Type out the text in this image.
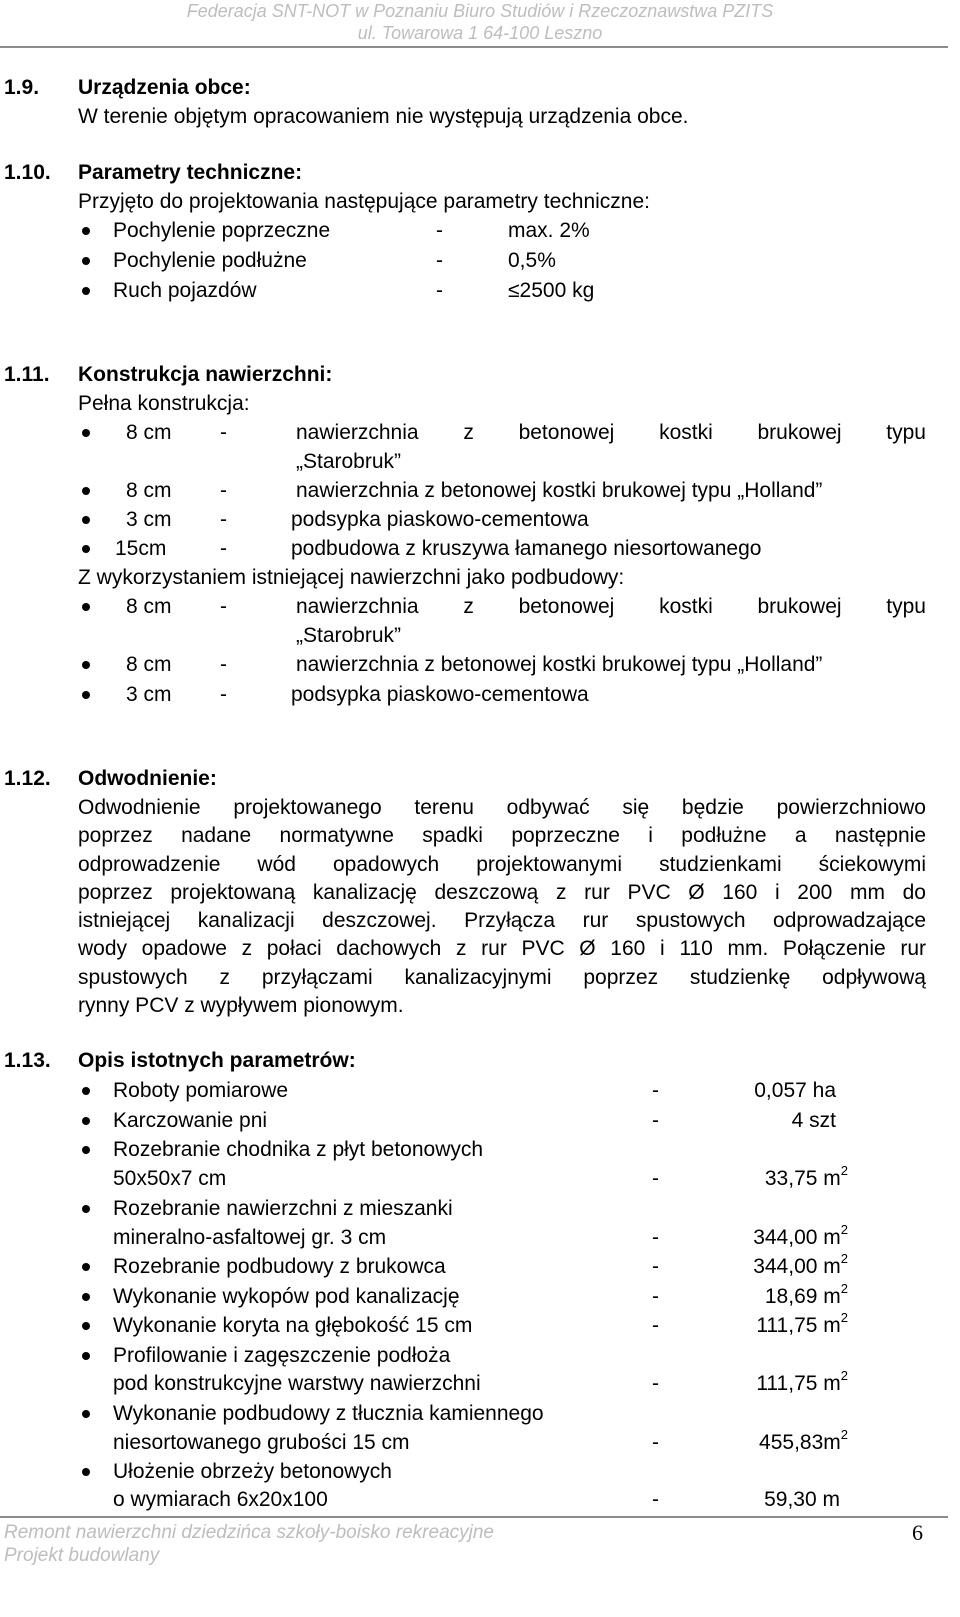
Federacja SNT-NOT w Poznaniu Biuro Studiów i Rzeczoznawstwa PZITS
ul. Towarowa 1 64-100 Leszno
1.9. Urządzenia obce:
W terenie objętym opracowaniem nie występują urządzenia obce.
1.10. Parametry techniczne:
Przyjęto do projektowania następujące parametry techniczne:
Pochylenie poprzeczne	-	max. 2%
Pochylenie podłużne	-	0,5%
Ruch pojazdów	-	≤2500 kg
1.11. Konstrukcja nawierzchni:
Pełna konstrukcja:
8 cm -	nawierzchnia z betonowej kostki brukowej typu
„Starobruk”
8 cm -	nawierzchnia z betonowej kostki brukowej typu „Holland”
3 cm -	podsypka piaskowo-cementowa
15cm	-	podbudowa z kruszywa łamanego niesortowanego
Z wykorzystaniem istniejącej nawierzchni jako podbudowy:
8 cm -	nawierzchnia z betonowej kostki brukowej typu
„Starobruk”
8 cm -	nawierzchnia z betonowej kostki brukowej typu „Holland”
3 cm -	podsypka piaskowo-cementowa
1.12. Odwodnienie:
Odwodnienie projektowanego terenu odbywać się będzie powierzchniowo
poprzez nadane normatywne spadki poprzeczne i podłużne a następnie
odprowadzenie wód opadowych projektowanymi studzienkami ściekowymi
poprzez projektowaną kanalizację deszczową z rur PVC Ø 160 i 200 mm do
istniejącej kanalizacji deszczowej. Przyłącza rur spustowych odprowadzające
wody opadowe z połaci dachowych z rur PVC Ø 160 i 110 mm. Połączenie rur
spustowych z przyłączami kanalizacyjnymi poprzez studzienkę odpływową
rynny PCV z wypływem pionowym.
1.13. Opis istotnych parametrów:
Roboty pomiarowe	-	0,057 ha
Karczowanie pni	-	4 szt
Rozebranie chodnika z płyt betonowych
50x50x7 cm	-	33,75 $m^2$
Rozebranie nawierzchni z mieszanki
mineralno-asfaltowej gr. 3 cm	-	344,00 $m^2$
Rozebranie podbudowy z brukowca	-	344,00 $m^2$
Wykonanie wykopów pod kanalizację	-	18,69 $m^2$
Wykonanie koryta na głębokość 15 cm	-	111,75 $m^2$
Profilowanie i zagęszczenie podłoża
pod konstrukcyjne warstwy nawierzchni	-	111,75 $m^2$
Wykonanie podbudowy z tłucznia kamiennego
niesortowanego grubości 15 cm	-	$455,83m^2$
Ułożenie obrzeży betonowych
o wymiarach 6x20x100	-	59,30 m
Remont nawierzchni dziedzińca szkoły-boisko rekreacyjne
Projekt budowlany
6
